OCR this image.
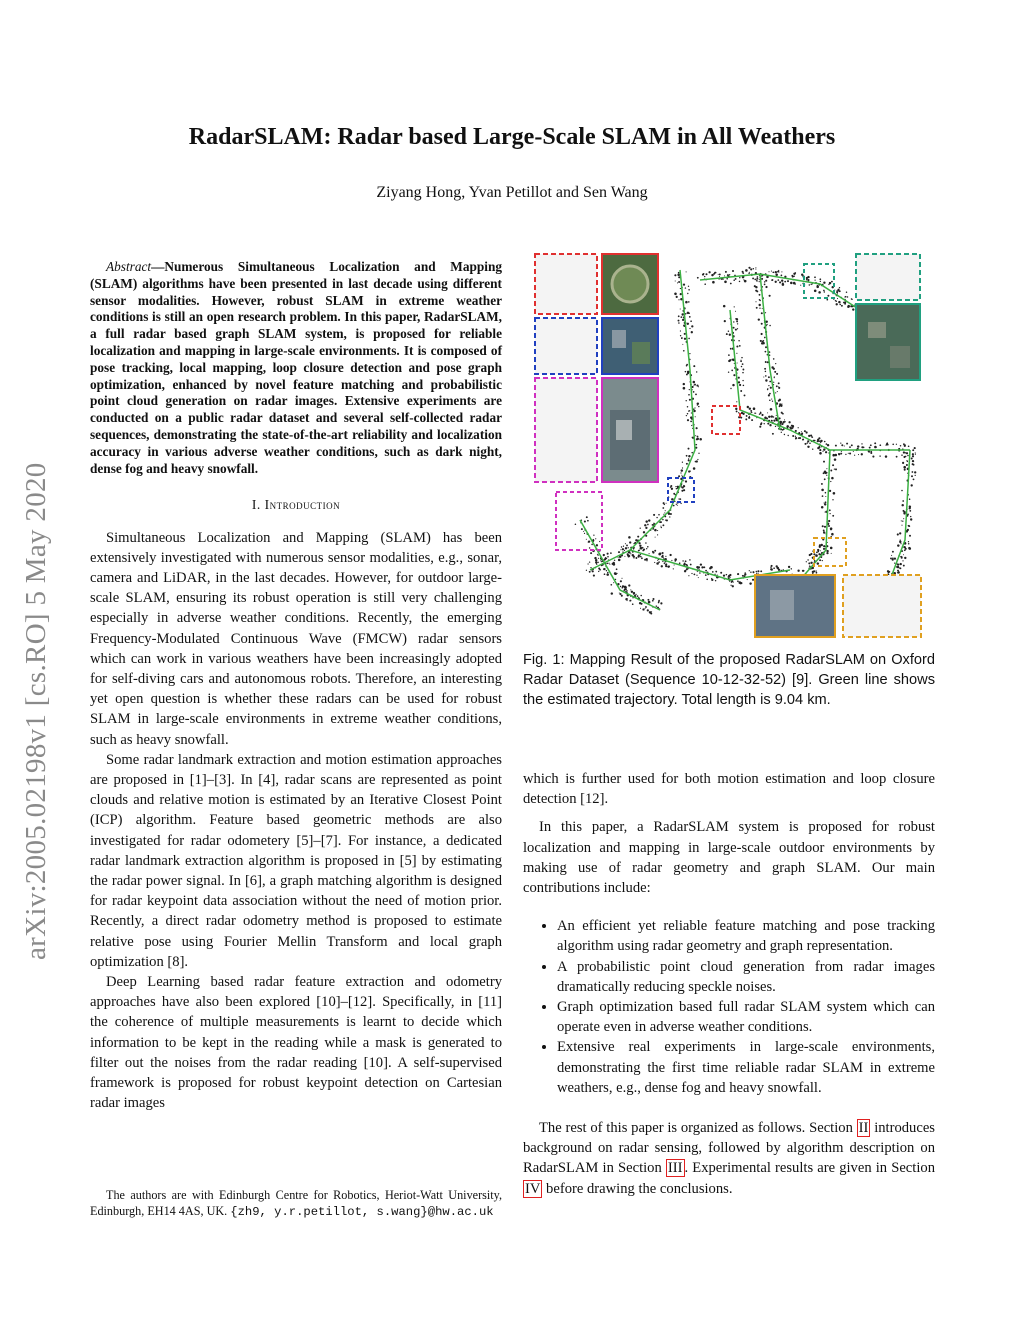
RadarSLAM: Radar based Large-Scale SLAM in All Weathers
Ziyang Hong, Yvan Petillot and Sen Wang
arXiv:2005.02198v1 [cs.RO] 5 May 2020

Abstract—Numerous Simultaneous Localization and Mapping (SLAM) algorithms have been presented in last decade using different sensor modalities. However, robust SLAM in extreme weather conditions is still an open research problem. In this paper, RadarSLAM, a full radar based graph SLAM system, is proposed for reliable localization and mapping in large-scale environments. It is composed of pose tracking, local mapping, loop closure detection and pose graph optimization, enhanced by novel feature matching and probabilistic point cloud generation on radar images. Extensive experiments are conducted on a public radar dataset and several self-collected radar sequences, demonstrating the state-of-the-art reliability and localization accuracy in various adverse weather conditions, such as dark night, dense fog and heavy snowfall.

I. Introduction

Simultaneous Localization and Mapping (SLAM) has been extensively investigated with numerous sensor modalities, e.g., sonar, camera and LiDAR, in the last decades. However, for outdoor large-scale SLAM, ensuring its robust operation is still very challenging especially in adverse weather conditions. Recently, the emerging Frequency-Modulated Continuous Wave (FMCW) radar sensors which can work in various weathers have been increasingly adopted for self-diving cars and autonomous robots. Therefore, an interesting yet open question is whether these radars can be used for robust SLAM in large-scale environments in extreme weather conditions, such as heavy snowfall.

Some radar landmark extraction and motion estimation approaches are proposed in [1]–[3]. In [4], radar scans are represented as point clouds and relative motion is estimated by an Iterative Closest Point (ICP) algorithm. Feature based geometric methods are also investigated for radar odometery [5]–[7]. For instance, a dedicated radar landmark extraction algorithm is proposed in [5] by estimating the radar power signal. In [6], a graph matching algorithm is designed for radar keypoint data association without the need of motion prior. Recently, a direct radar odometry method is proposed to estimate relative pose using Fourier Mellin Transform and local graph optimization [8].

Deep Learning based radar feature extraction and odometry approaches have also been explored [10]–[12]. Specifically, in [11] the coherence of multiple measurements is learnt to decide which information to be kept in the reading while a mask is generated to filter out the noises from the radar reading [10]. A self-supervised framework is proposed for robust keypoint detection on Cartesian radar images

The authors are with Edinburgh Centre for Robotics, Heriot-Watt University, Edinburgh, EH14 4AS, UK. {zh9, y.r.petillot, s.wang}@hw.ac.uk
Fig. 1: Mapping Result of the proposed RadarSLAM on Oxford Radar Dataset (Sequence 10-12-32-52) [9]. Green line shows the estimated trajectory. Total length is 9.04 km.

which is further used for both motion estimation and loop closure detection [12].

In this paper, a RadarSLAM system is proposed for robust localization and mapping in large-scale outdoor environments by making use of radar geometry and graph SLAM. Our main contributions include:

• An efficient yet reliable feature matching and pose tracking algorithm using radar geometry and graph representation.
• A probabilistic point cloud generation from radar images dramatically reducing speckle noises.
• Graph optimization based full radar SLAM system which can operate even in adverse weather conditions.
• Extensive real experiments in large-scale environments, demonstrating the first time reliable radar SLAM in extreme weathers, e.g., dense fog and heavy snowfall.

The rest of this paper is organized as follows. Section II introduces background on radar sensing, followed by algorithm description on RadarSLAM in Section III . Experimental results are given in Section IV before drawing the conclusions.
